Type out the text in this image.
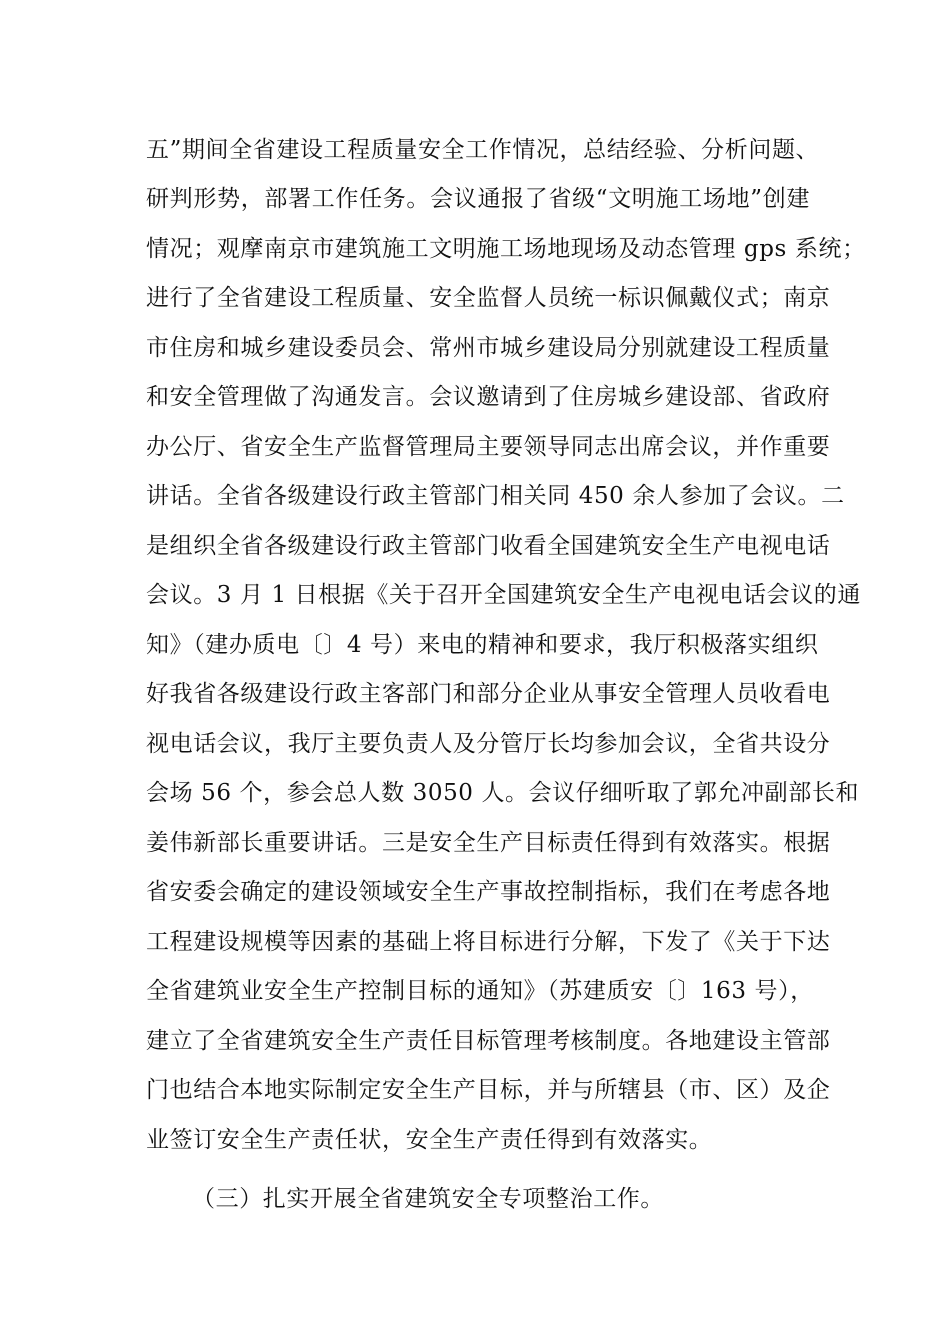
五”期间全省建设工程质量安全工作情况，总结经验、分析问题、
研判形势，部署工作任务。会议通报了省级“文明施工场地”创建
情况；观摩南京市建筑施工文明施工场地现场及动态管理 gps 系统；
进行了全省建设工程质量、安全监督人员统一标识佩戴仪式；南京
市住房和城乡建设委员会、常州市城乡建设局分别就建设工程质量
和安全管理做了沟通发言。会议邀请到了住房城乡建设部、省政府
办公厅、省安全生产监督管理局主要领导同志出席会议，并作重要
讲话。全省各级建设行政主管部门相关同 450 余人参加了会议。二
是组织全省各级建设行政主管部门收看全国建筑安全生产电视电话
会议。3 月 1 日根据《关于召开全国建筑安全生产电视电话会议的通
知》（建办质电〔〕4 号）来电的精神和要求，我厅积极落实组织
好我省各级建设行政主客部门和部分企业从事安全管理人员收看电
视电话会议，我厅主要负责人及分管厅长均参加会议，全省共设分
会场 56 个，参会总人数 3050 人。会议仔细听取了郭允冲副部长和
姜伟新部长重要讲话。三是安全生产目标责任得到有效落实。根据
省安委会确定的建设领域安全生产事故控制指标，我们在考虑各地
工程建设规模等因素的基础上将目标进行分解，下发了《关于下达
全省建筑业安全生产控制目标的通知》（苏建质安〔〕163 号），
建立了全省建筑安全生产责任目标管理考核制度。各地建设主管部
门也结合本地实际制定安全生产目标，并与所辖县（市、区）及企
业签订安全生产责任状，安全生产责任得到有效落实。
（三）扎实开展全省建筑安全专项整治工作。
